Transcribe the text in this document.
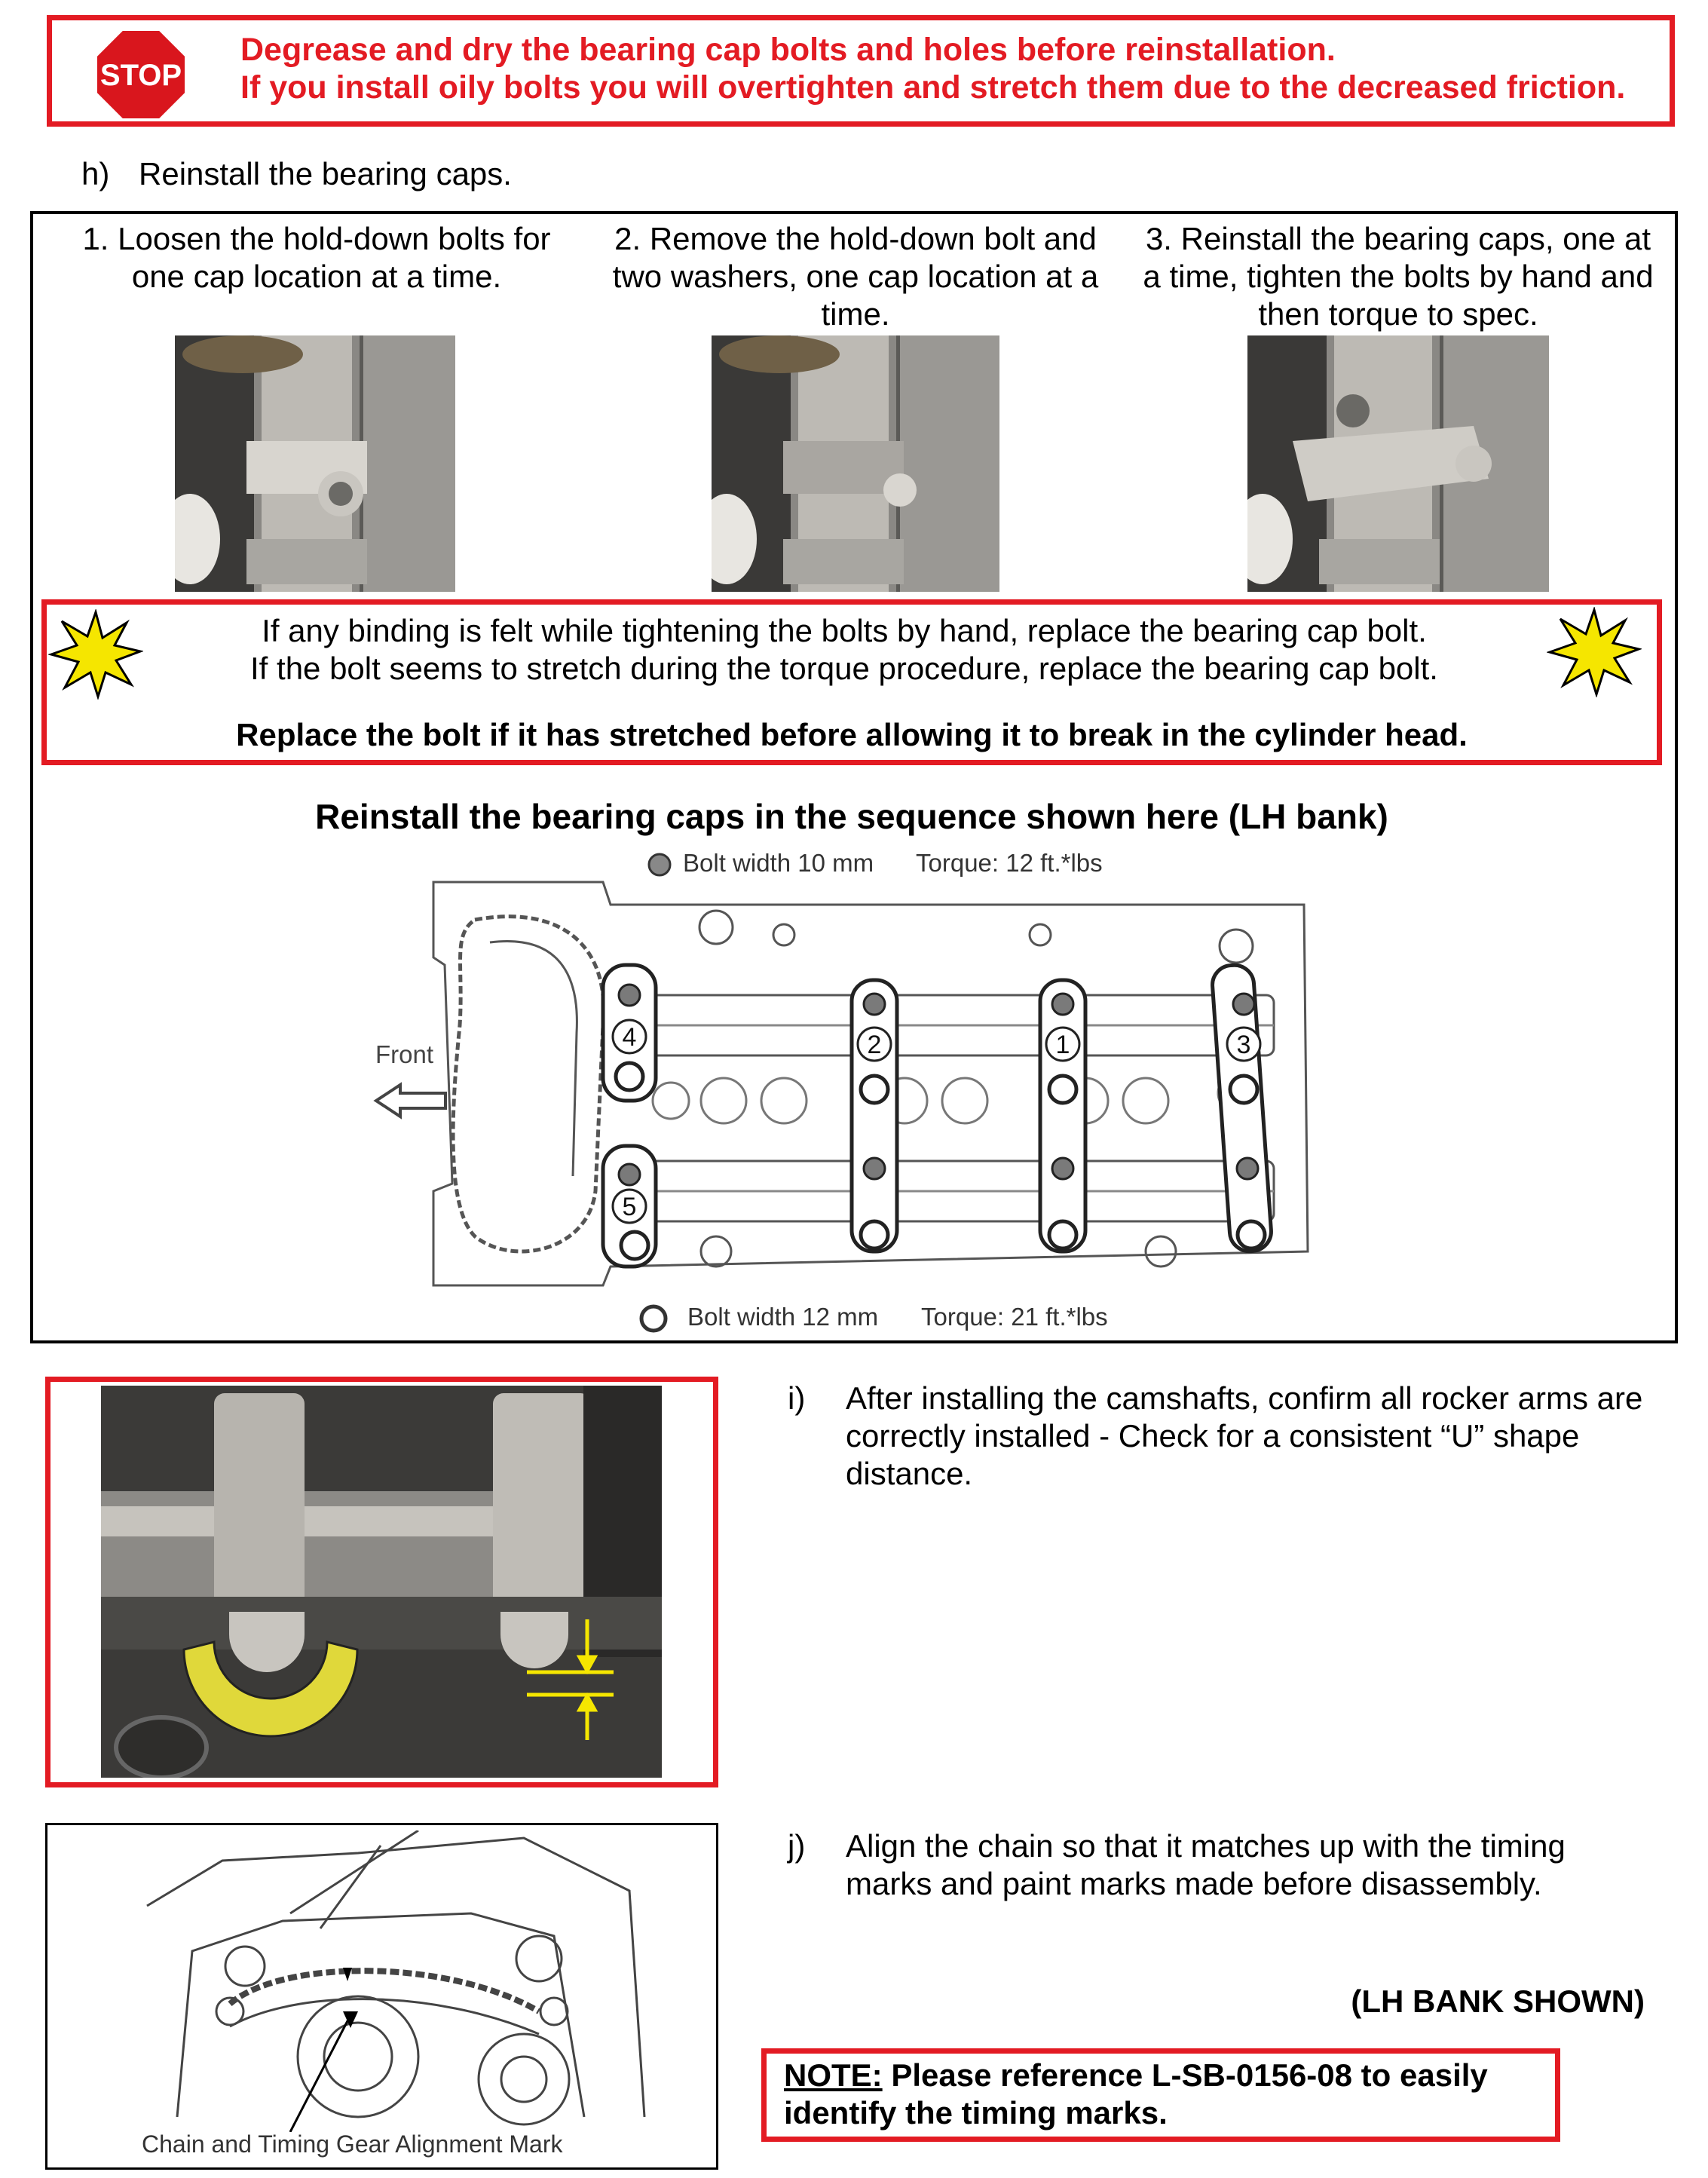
STOP
Degrease and dry the bearing cap bolts and holes before reinstallation.
If you install oily bolts you will overtighten and stretch them due to the decreased friction.
h) Reinstall the bearing caps.
1. Loosen the hold-down bolts for one cap location at a time.
2. Remove the hold-down bolt and two washers, one cap location at a time.
3. Reinstall the bearing caps, one at a time, tighten the bolts by hand and then torque to spec.
If any binding is felt while tightening the bolts by hand, replace the bearing cap bolt.
If the bolt seems to stretch during the torque procedure, replace the bearing cap bolt.
Replace the bolt if it has stretched before allowing it to break in the cylinder head.
Reinstall the bearing caps in the sequence shown here (LH bank)
Bolt width 10 mm Torque: 12 ft.*lbs
4	2	1	3
5
Front
Bolt width 12 mm Torque: 21 ft.*lbs
i) After installing the camshafts, confirm all rocker arms are correctly installed - Check for a consistent “U” shape distance.
Chain and Timing Gear Alignment Mark
j) Align the chain so that it matches up with the timing marks and paint marks made before disassembly.
(LH BANK SHOWN)
NOTE: Please reference L-SB-0156-08 to easily identify the timing marks.
